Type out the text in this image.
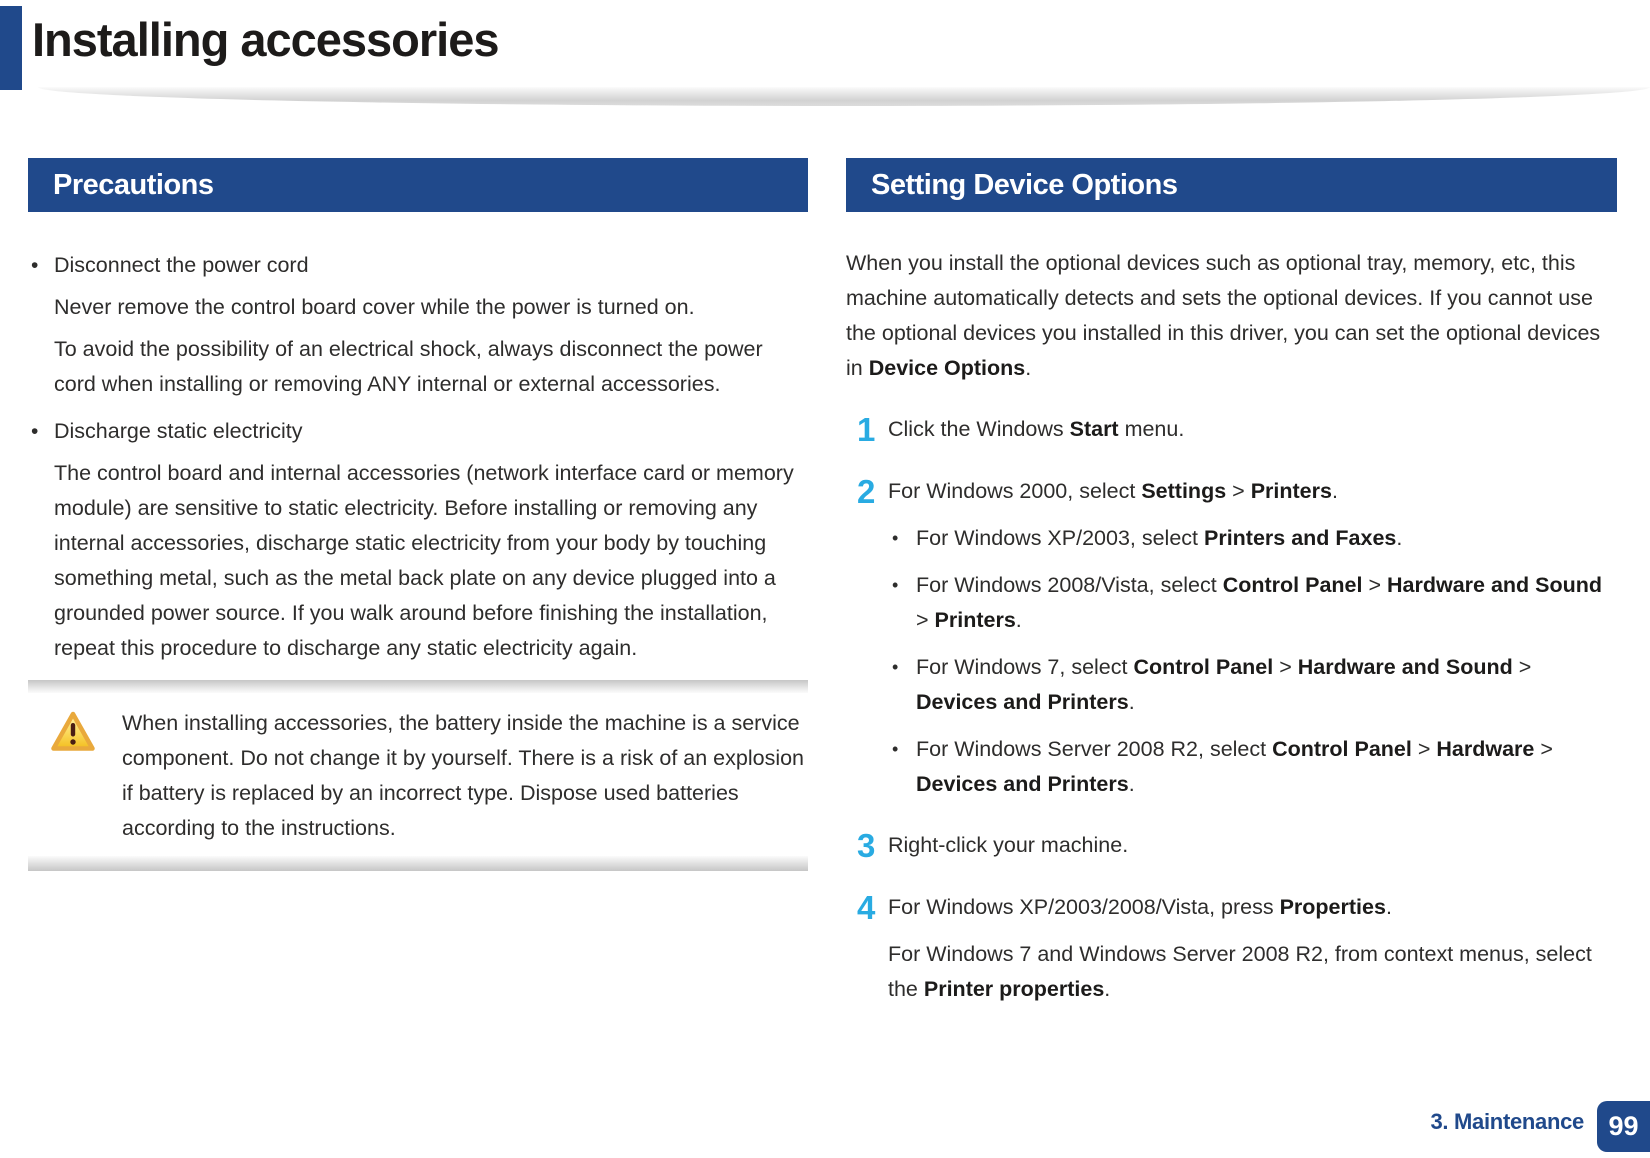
Installing accessories
Precautions
• Disconnect the power cord
Never remove the control board cover while the power is turned on.
To avoid the possibility of an electrical shock, always disconnect the power cord when installing or removing ANY internal or external accessories.
• Discharge static electricity
The control board and internal accessories (network interface card or memory module) are sensitive to static electricity. Before installing or removing any internal accessories, discharge static electricity from your body by touching something metal, such as the metal back plate on any device plugged into a grounded power source. If you walk around before finishing the installation, repeat this procedure to discharge any static electricity again.
When installing accessories, the battery inside the machine is a service component. Do not change it by yourself. There is a risk of an explosion if battery is replaced by an incorrect type. Dispose used batteries according to the instructions.
Setting Device Options
When you install the optional devices such as optional tray, memory, etc, this machine automatically detects and sets the optional devices. If you cannot use the optional devices you installed in this driver, you can set the optional devices in Device Options.
1 Click the Windows Start menu.
2 For Windows 2000, select Settings > Printers.
• For Windows XP/2003, select Printers and Faxes.
• For Windows 2008/Vista, select Control Panel > Hardware and Sound > Printers.
• For Windows 7, select Control Panel > Hardware and Sound > Devices and Printers.
• For Windows Server 2008 R2, select Control Panel > Hardware > Devices and Printers.
3 Right-click your machine.
4 For Windows XP/2003/2008/Vista, press Properties.
For Windows 7 and Windows Server 2008 R2, from context menus, select the Printer properties.
3. Maintenance 99
